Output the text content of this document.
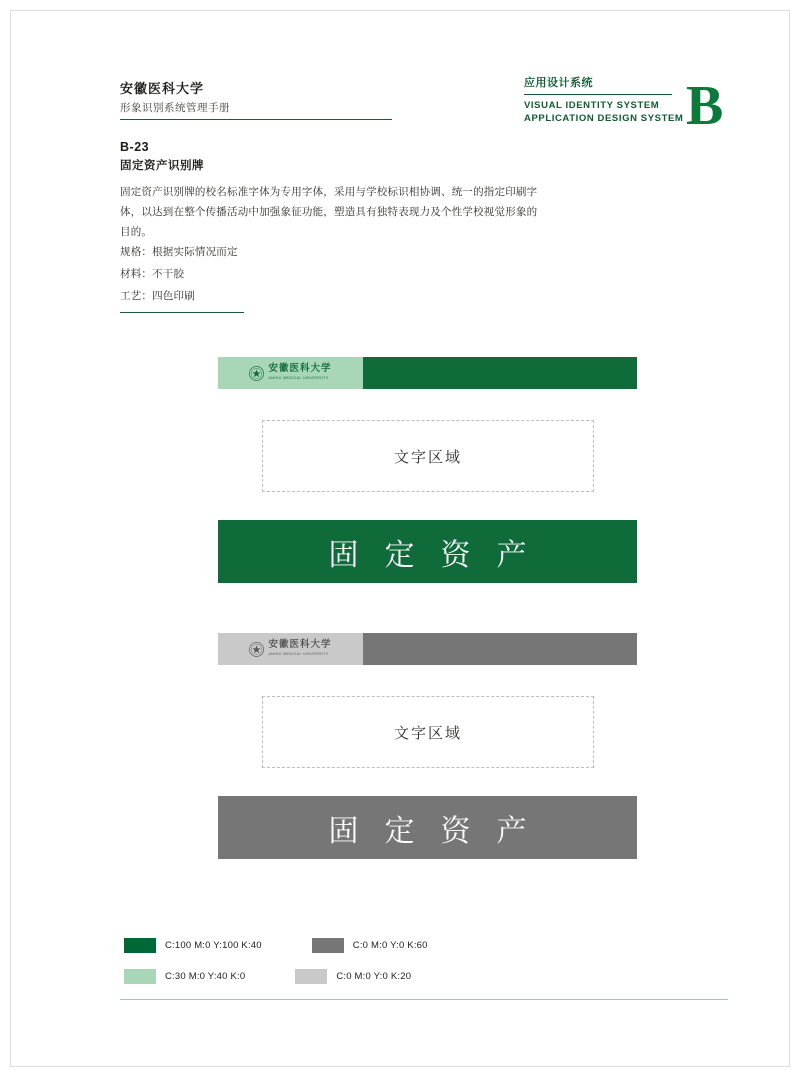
安徽医科大学
形象识别系统管理手册
应用设计系统
VISUAL IDENTITY SYSTEM
APPLICATION DESIGN SYSTEM B
B-23
固定资产识别牌
固定资产识别牌的校名标准字体为专用字体，采用与学校标识相协调、统一的指定印刷字体，以达到在整个传播活动中加强象征功能，塑造具有独特表现力及个性学校视觉形象的目的。
规格：根据实际情况而定
材料：不干胶
工艺：四色印刷
安徽医科大学
ANHUI MEDICAL UNIVERSITY
文字区域
固定资产
安徽医科大学
ANHUI MEDICAL UNIVERSITY
文字区域
固定资产
C:100 M:0 Y:100 K:40	C:0 M:0 Y:0 K:60
C:30 M:0 Y:40 K:0	C:0 M:0 Y:0 K:20
